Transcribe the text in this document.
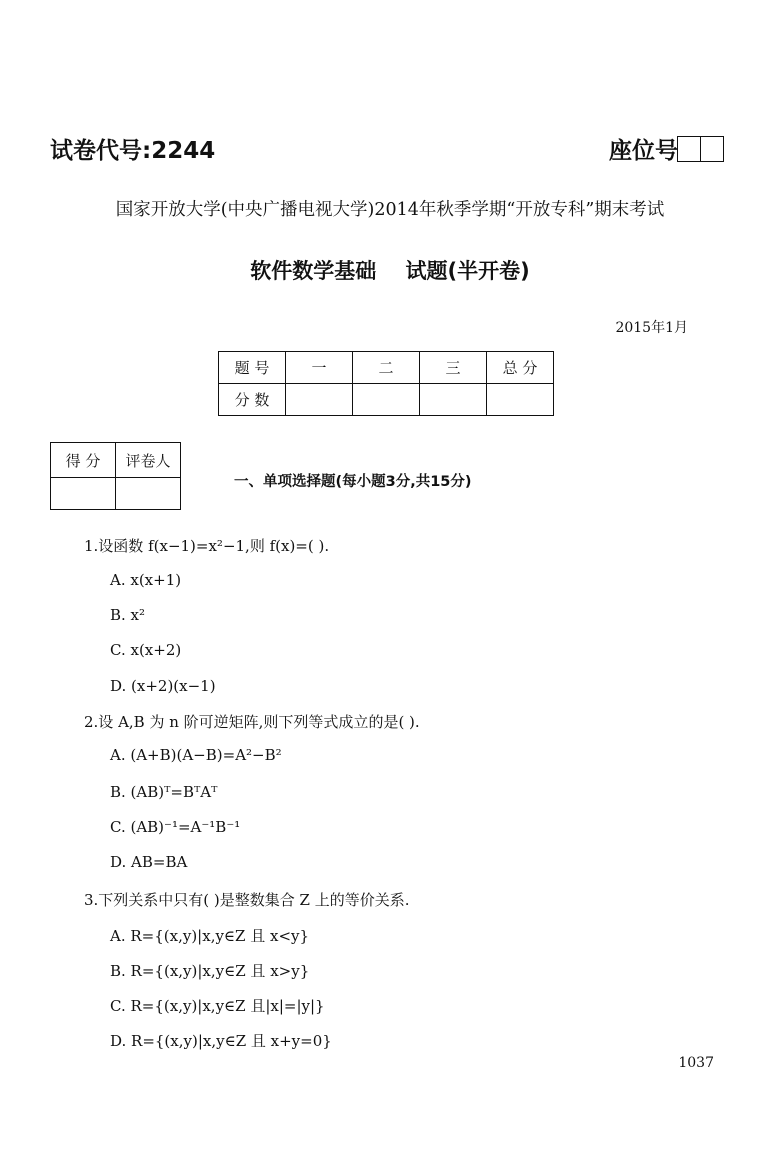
试卷代号:2244	座位号
国家开放大学(中央广播电视大学)2014年秋季学期“开放专科”期末考试
软件数学基础    试题(半开卷)
2015年1月
题 号	一	二	三	总 分
分 数				
得 分	评卷人

一、单项选择题(每小题3分,共15分)
1.设函数 f(x−1)=x²−1,则 f(x)=( ).
A. x(x+1)
B. x²
C. x(x+2)
D. (x+2)(x−1)
2.设 A,B 为 n 阶可逆矩阵,则下列等式成立的是( ).
A. (A+B)(A−B)=A²−B²
B. (AB)ᵀ=BᵀAᵀ
C. (AB)⁻¹=A⁻¹B⁻¹
D. AB=BA
3.下列关系中只有( )是整数集合 Z 上的等价关系.
A. R={(x,y)|x,y∈Z 且 x<y}
B. R={(x,y)|x,y∈Z 且 x>y}
C. R={(x,y)|x,y∈Z 且|x|=|y|}
D. R={(x,y)|x,y∈Z 且 x+y=0}
1037
